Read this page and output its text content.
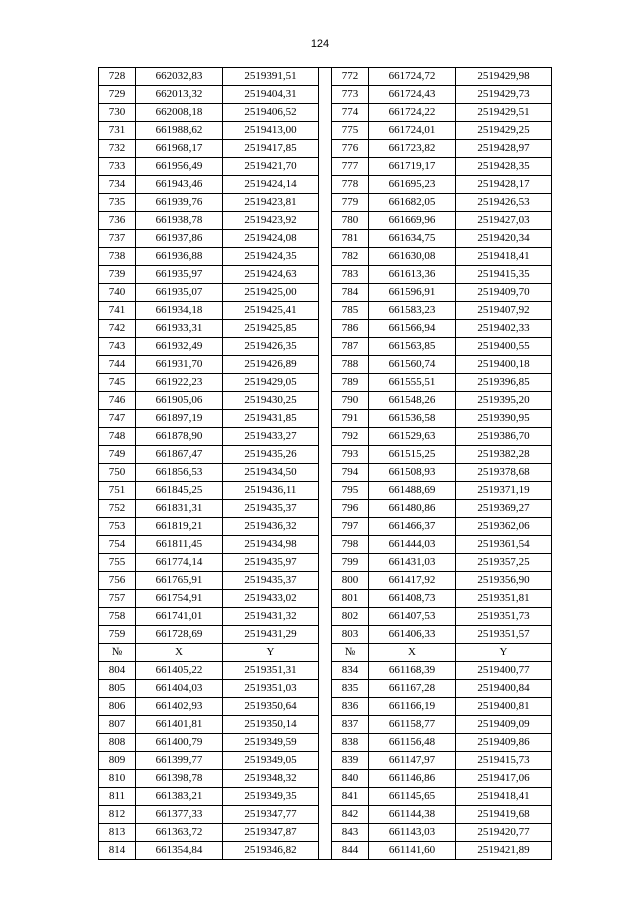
124
728	662032,83	2519391,51		772	661724,72	2519429,98
729	662013,32	2519404,31		773	661724,43	2519429,73
730	662008,18	2519406,52		774	661724,22	2519429,51
731	661988,62	2519413,00		775	661724,01	2519429,25
732	661968,17	2519417,85		776	661723,82	2519428,97
733	661956,49	2519421,70		777	661719,17	2519428,35
734	661943,46	2519424,14		778	661695,23	2519428,17
735	661939,76	2519423,81		779	661682,05	2519426,53
736	661938,78	2519423,92		780	661669,96	2519427,03
737	661937,86	2519424,08		781	661634,75	2519420,34
738	661936,88	2519424,35		782	661630,08	2519418,41
739	661935,97	2519424,63		783	661613,36	2519415,35
740	661935,07	2519425,00		784	661596,91	2519409,70
741	661934,18	2519425,41		785	661583,23	2519407,92
742	661933,31	2519425,85		786	661566,94	2519402,33
743	661932,49	2519426,35		787	661563,85	2519400,55
744	661931,70	2519426,89		788	661560,74	2519400,18
745	661922,23	2519429,05		789	661555,51	2519396,85
746	661905,06	2519430,25		790	661548,26	2519395,20
747	661897,19	2519431,85		791	661536,58	2519390,95
748	661878,90	2519433,27		792	661529,63	2519386,70
749	661867,47	2519435,26		793	661515,25	2519382,28
750	661856,53	2519434,50		794	661508,93	2519378,68
751	661845,25	2519436,11		795	661488,69	2519371,19
752	661831,31	2519435,37		796	661480,86	2519369,27
753	661819,21	2519436,32		797	661466,37	2519362,06
754	661811,45	2519434,98		798	661444,03	2519361,54
755	661774,14	2519435,97		799	661431,03	2519357,25
756	661765,91	2519435,37		800	661417,92	2519356,90
757	661754,91	2519433,02		801	661408,73	2519351,81
758	661741,01	2519431,32		802	661407,53	2519351,73
759	661728,69	2519431,29		803	661406,33	2519351,57
№	X	Y		№	X	Y
804	661405,22	2519351,31		834	661168,39	2519400,77
805	661404,03	2519351,03		835	661167,28	2519400,84
806	661402,93	2519350,64		836	661166,19	2519400,81
807	661401,81	2519350,14		837	661158,77	2519409,09
808	661400,79	2519349,59		838	661156,48	2519409,86
809	661399,77	2519349,05		839	661147,97	2519415,73
810	661398,78	2519348,32		840	661146,86	2519417,06
811	661383,21	2519349,35		841	661145,65	2519418,41
812	661377,33	2519347,77		842	661144,38	2519419,68
813	661363,72	2519347,87		843	661143,03	2519420,77
814	661354,84	2519346,82		844	661141,60	2519421,89
